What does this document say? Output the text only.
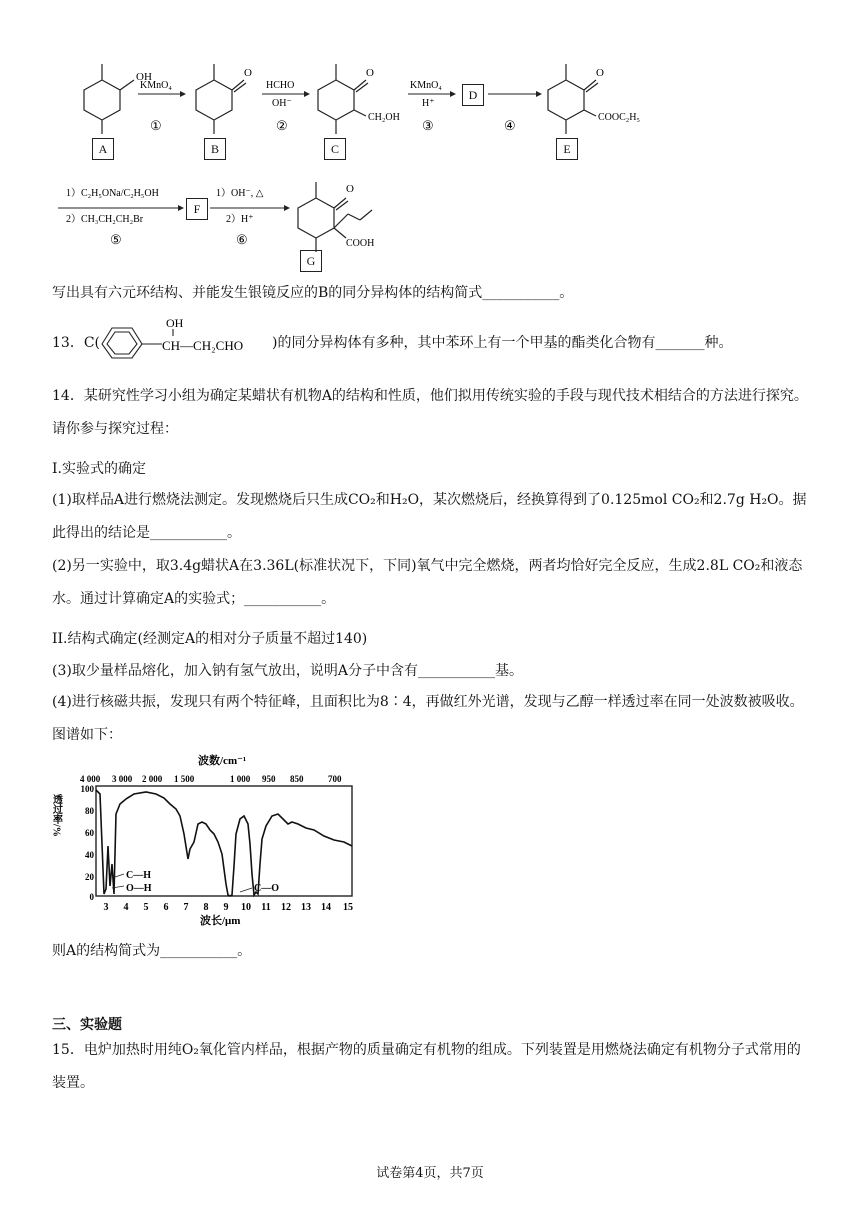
OH
KMnO₄
①
O
HCHO
OH⁻
②
O
CH₂OH
KMnO₄
H⁺
③	④
O
COOC₂H₅
A	B	C
D
E
1）C₂H₅ONa/C₂H₅OH
2）CH₃CH₂CH₂Br
⑤
1）OH⁻, △
2）H⁺
⑥
O
COOH
F
G
写出具有六元环结构、并能发生银镜反应的B的同分异构体的结构简式___________。
13．C(
OH
CH—CH₂CHO )的同分异构体有多种，其中苯环上有一个甲基的酯类化合物有_______种。
14．某研究性学习小组为确定某蜡状有机物A的结构和性质，他们拟用传统实验的手段与现代技术相结合的方法进行探究。请你参与探究过程：
I.实验式的确定
(1)取样品A进行燃烧法测定。发现燃烧后只生成CO₂和H₂O，某次燃烧后，经换算得到了0.125mol CO₂和2.7g H₂O。据此得出的结论是___________。
(2)另一实验中，取3.4g蜡状A在3.36L(标准状况下，下同)氧气中完全燃烧，两者均恰好完全反应，生成2.8L CO₂和液态水。通过计算确定A的实验式；___________。
II.结构式确定(经测定A的相对分子质量不超过140)
(3)取少量样品熔化，加入钠有氢气放出，说明A分子中含有___________基。
(4)进行核磁共振，发现只有两个特征峰，且面积比为8∶4，再做红外光谱，发现与乙醇一样透过率在同一处波数被吸收。图谱如下：
波数/cm⁻¹
4 000 3 000 2 000 1 500	1 000 950 850	700
透过率/%
100
80
60
40
20
0
C—H
O—H	C—O
3 4 5 6 7 8 9 10 11 12 13 14 15
波长/μm
则A的结构简式为___________。
三、实验题
15．电炉加热时用纯O₂氧化管内样品，根据产物的质量确定有机物的组成。下列装置是用燃烧法确定有机物分子式常用的装置。
试卷第4页，共7页
